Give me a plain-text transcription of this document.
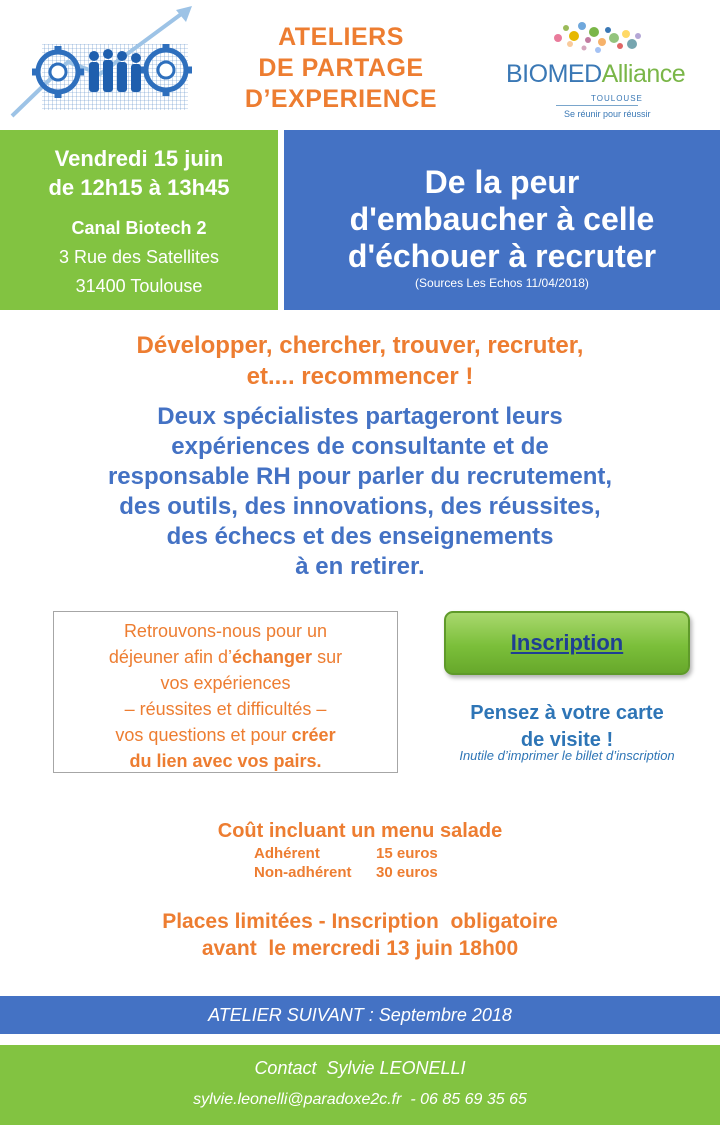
ATELIERS
DE PARTAGE
D’EXPERIENCE
BIOMEDAlliance
TOULOUSE
Se réunir pour réussir
Vendredi 15 juin
de 12h15 à 13h45
Canal Biotech 2
3 Rue des Satellites
31400 Toulouse
De la peur
d'embaucher à celle
d'échouer à recruter
(Sources Les Echos 11/04/2018)
Développer, chercher, trouver, recruter,
et.... recommencer !
Deux spécialistes partageront leurs
expériences de consultante et de
responsable RH pour parler du recrutement,
des outils, des innovations, des réussites,
des échecs et des enseignements
à en retirer.
Retrouvons-nous pour un
déjeuner afin d’échanger sur
vos expériences
– réussites et difficultés –
vos questions et pour créer
du lien avec vos pairs.
Inscription
Pensez à votre carte
de visite !
Inutile d’imprimer le billet d’inscription
Coût incluant un menu salade
Adhérent	15 euros
Non-adhérent 30 euros
Places limitées - Inscription  obligatoire
avant  le mercredi 13 juin 18h00
ATELIER SUIVANT : Septembre 2018
Contact  Sylvie LEONELLI
sylvie.leonelli@paradoxe2c.fr  - 06 85 69 35 65
